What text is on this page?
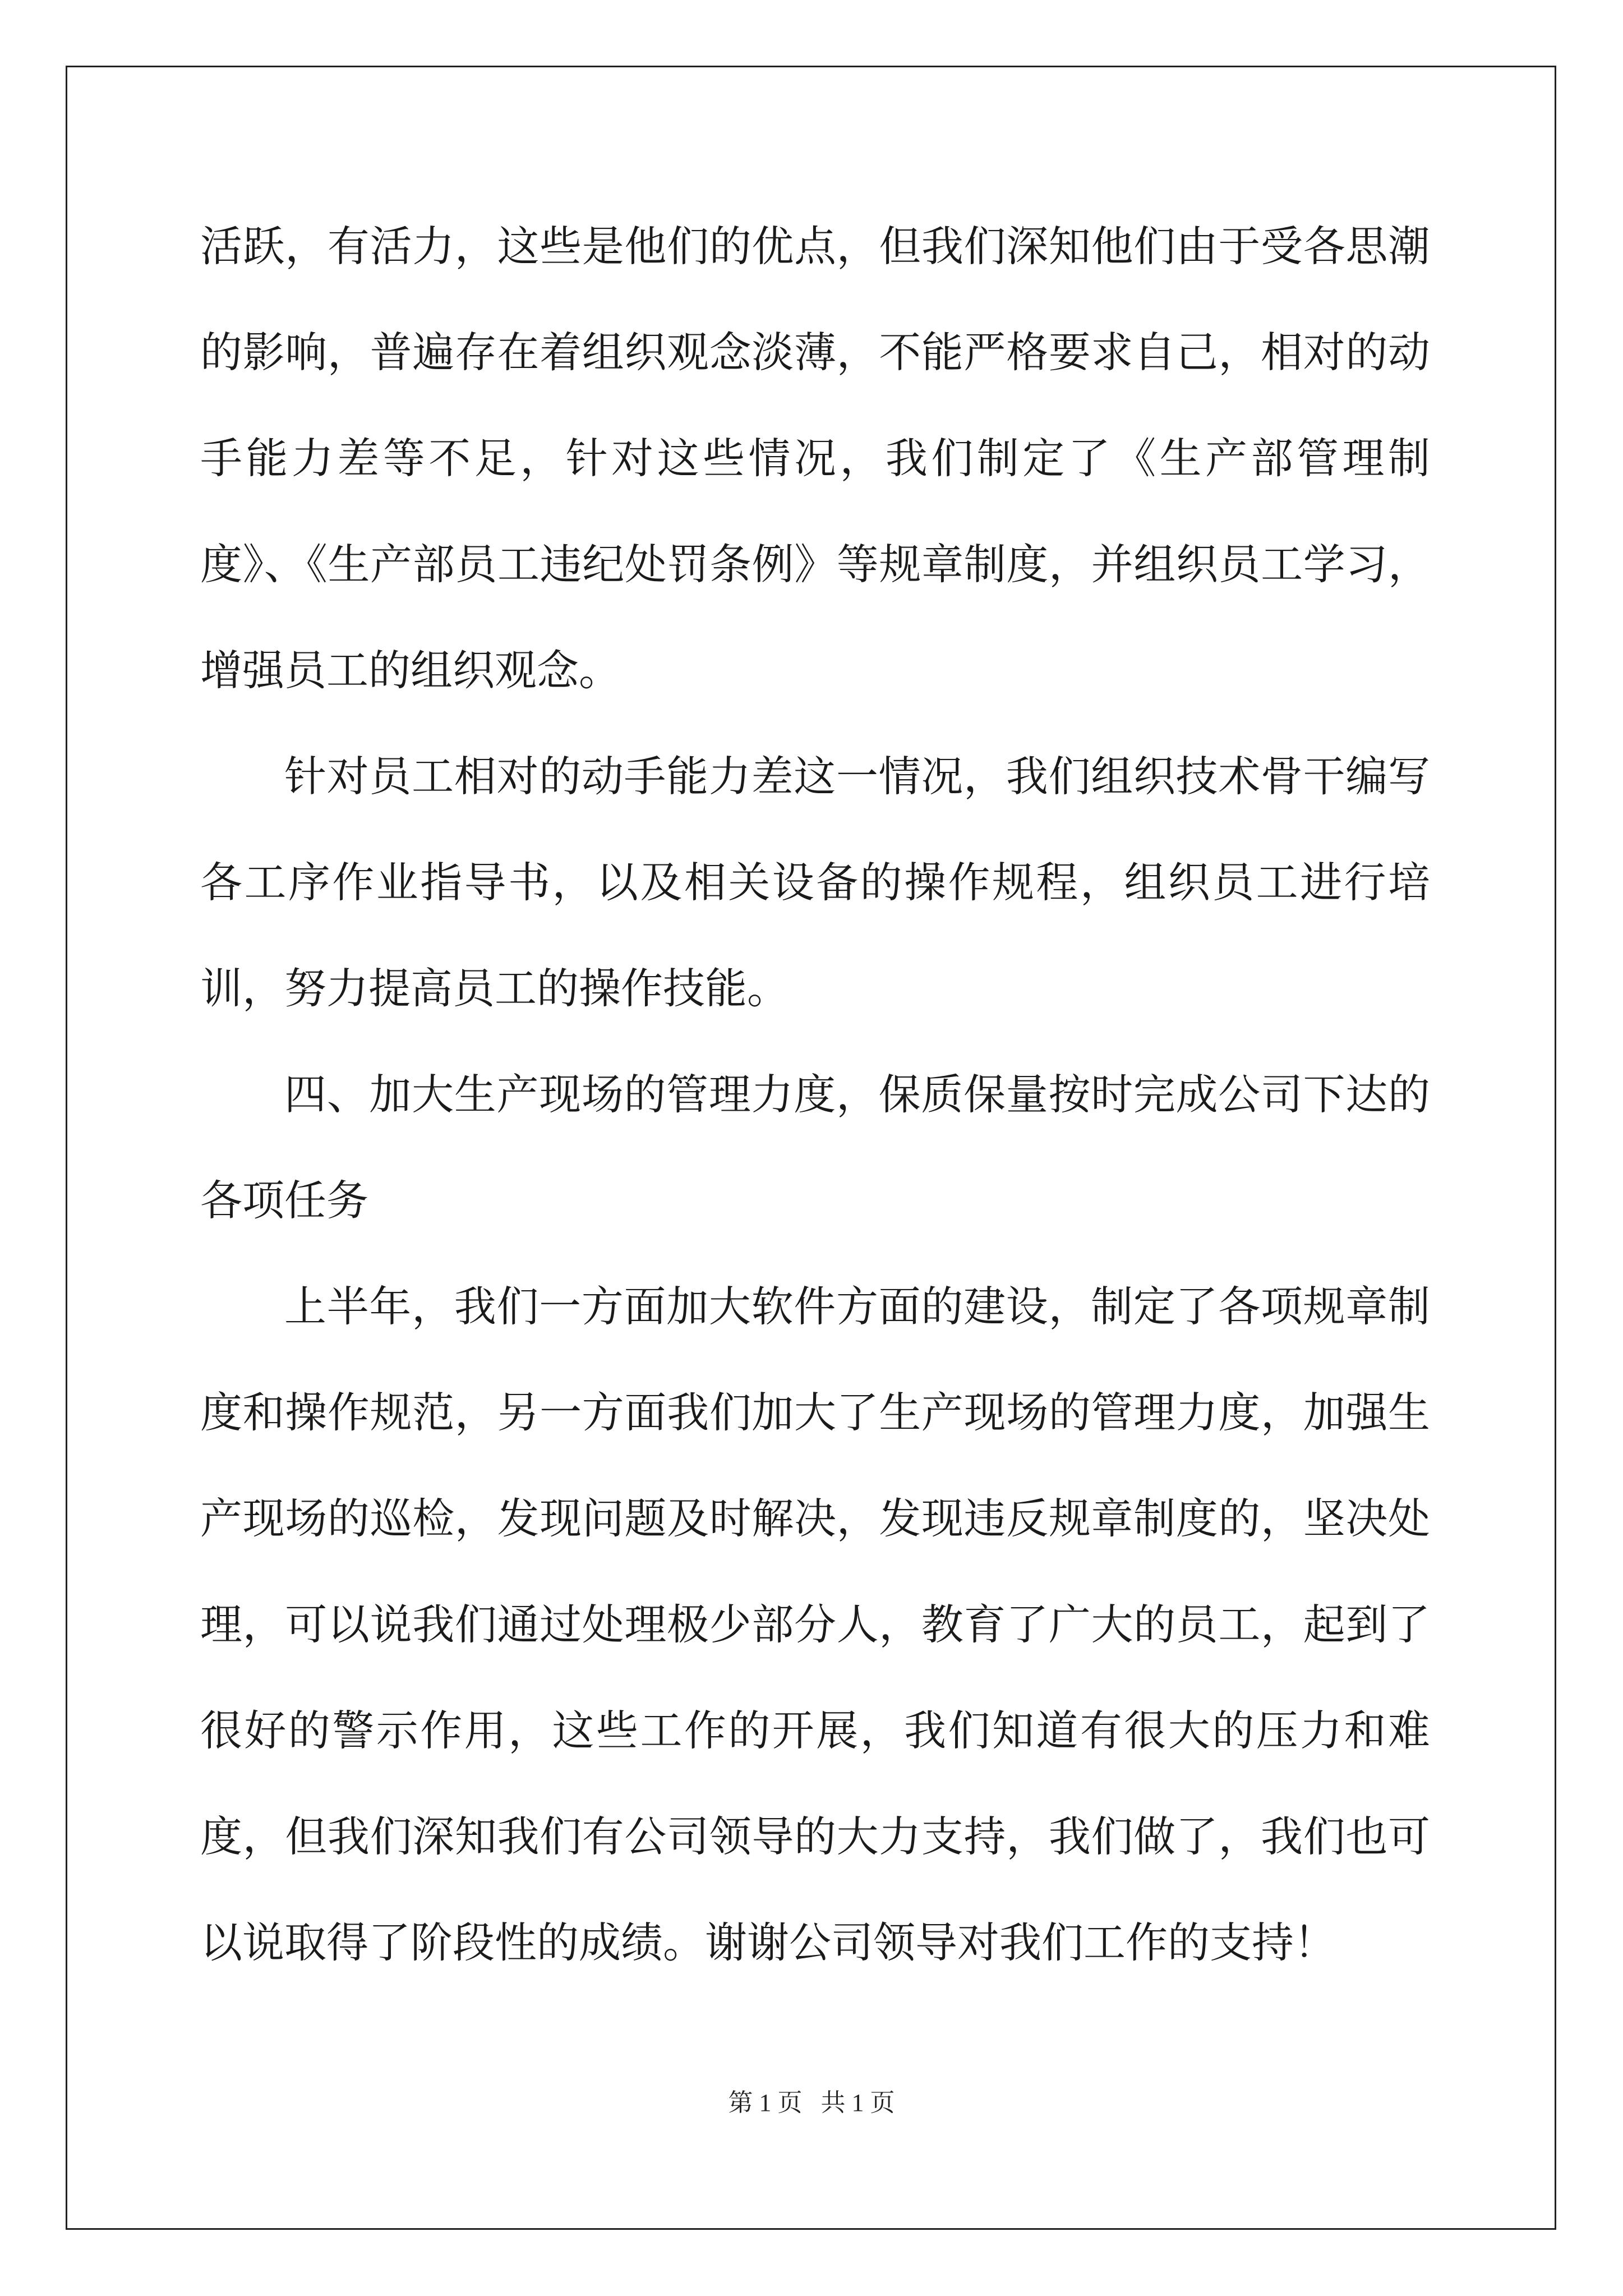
活跃，有活力，这些是他们的优点，但我们深知他们由于受各思潮的影响，普遍存在着组织观念淡薄，不能严格要求自己，相对的动手能力差等不足，针对这些情况，我们制定了《生产部管理制度》、《生产部员工违纪处罚条例》等规章制度，并组织员工学习，增强员工的组织观念。

针对员工相对的动手能力差这一情况，我们组织技术骨干编写各工序作业指导书，以及相关设备的操作规程，组织员工进行培训，努力提高员工的操作技能。

四、加大生产现场的管理力度，保质保量按时完成公司下达的各项任务

上半年，我们一方面加大软件方面的建设，制定了各项规章制度和操作规范，另一方面我们加大了生产现场的管理力度，加强生产现场的巡检，发现问题及时解决，发现违反规章制度的，坚决处理，可以说我们通过处理极少部分人，教育了广大的员工，起到了很好的警示作用，这些工作的开展，我们知道有很大的压力和难度，但我们深知我们有公司领导的大力支持，我们做了，我们也可以说取得了阶段性的成绩。谢谢公司领导对我们工作的支持！

第 1 页   共 1 页
